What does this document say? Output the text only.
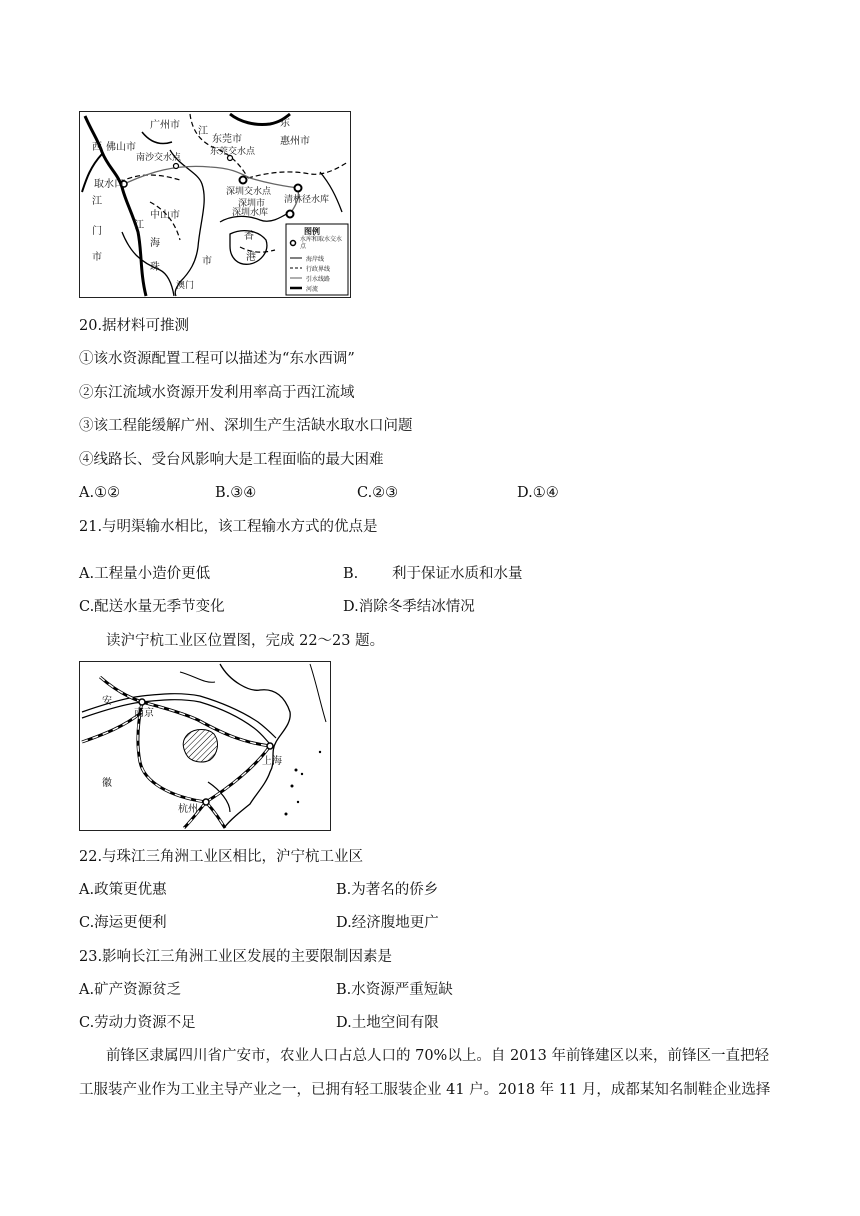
广州市
江
东莞市
东
惠州市
西 佛山市
南沙交水点
东莞交水点
取水口
深圳交水点
深圳市 清林径水库
深圳水库
江
中山市
江
门
市
海
珠
市
澳门
香
港
图例
水库和取水交水点
海岸线
行政界线
引水线路
河流
20.据材料可推测
①该水资源配置工程可以描述为“东水西调”
②东江流域水资源开发利用率高于西江流域
③该工程能缓解广州、深圳生产生活缺水取水口问题
④线路长、受台风影响大是工程面临的最大困难
A.①②	B.③④	C.②③	D.①④
21.与明渠输水相比，该工程输水方式的优点是
A.工程量小造价更低	B. 利于保证水质和水量
C.配送水量无季节变化	D.消除冬季结冰情况
读沪宁杭工业区位置图，完成 22～23 题。
安
南京
上海
徽
杭州
22.与珠江三角洲工业区相比，沪宁杭工业区
A.政策更优惠	B.为著名的侨乡
C.海运更便利	D.经济腹地更广
23.影响长江三角洲工业区发展的主要限制因素是
A.矿产资源贫乏	B.水资源严重短缺
C.劳动力资源不足	D.土地空间有限
前锋区隶属四川省广安市，农业人口占总人口的 70%以上。自 2013 年前锋建区以来，前锋区一直把轻
工服装产业作为工业主导产业之一，已拥有轻工服装企业 41 户。2018 年 11 月，成都某知名制鞋企业选择
